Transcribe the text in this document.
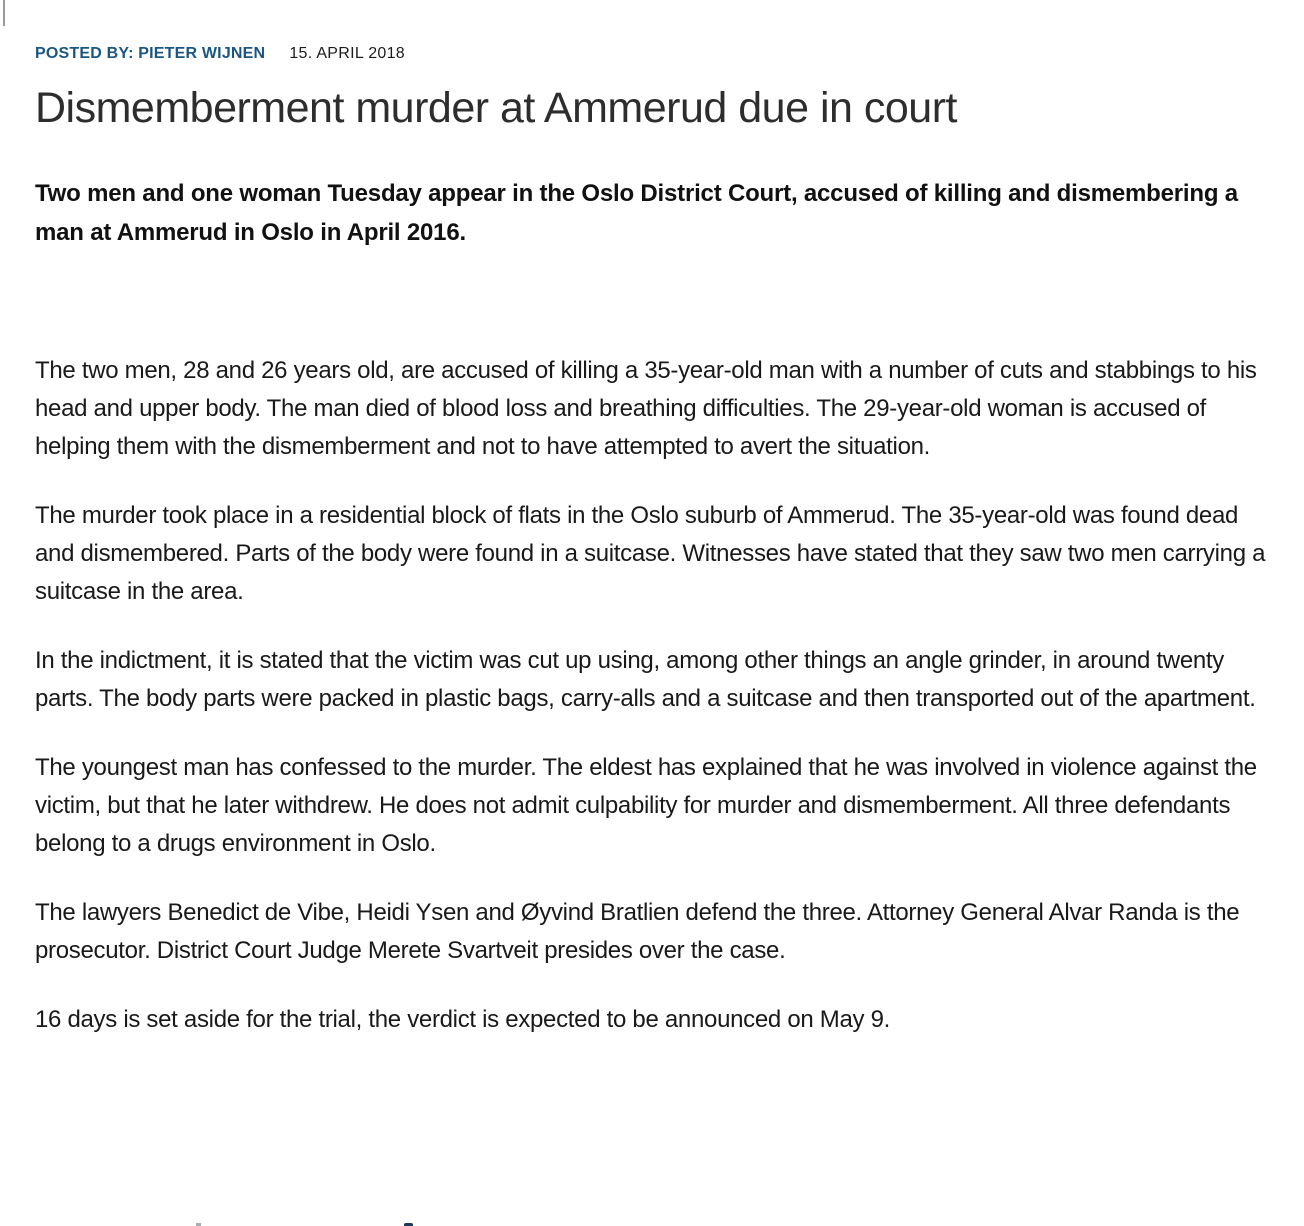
POSTED BY: PIETER WIJNEN 15. APRIL 2018
Dismemberment murder at Ammerud due in court

Two men and one woman Tuesday appear in the Oslo District Court, accused of killing and dismembering a man at Ammerud in Oslo in April 2016.

The two men, 28 and 26 years old, are accused of killing a 35-year-old man with a number of cuts and stabbings to his head and upper body. The man died of blood loss and breathing difficulties. The 29-year-old woman is accused of helping them with the dismemberment and not to have attempted to avert the situation.

The murder took place in a residential block of flats in the Oslo suburb of Ammerud. The 35-year-old was found dead and dismembered. Parts of the body were found in a suitcase. Witnesses have stated that they saw two men carrying a suitcase in the area.

In the indictment, it is stated that the victim was cut up using, among other things an angle grinder, in around twenty parts. The body parts were packed in plastic bags, carry-alls and a suitcase and then transported out of the apartment.

The youngest man has confessed to the murder. The eldest has explained that he was involved in violence against the victim, but that he later withdrew. He does not admit culpability for murder and dismemberment. All three defendants belong to a drugs environment in Oslo.

The lawyers Benedict de Vibe, Heidi Ysen and Øyvind Bratlien defend the three. Attorney General Alvar Randa is the prosecutor. District Court Judge Merete Svartveit presides over the case.

16 days is set aside for the trial, the verdict is expected to be announced on May 9.
